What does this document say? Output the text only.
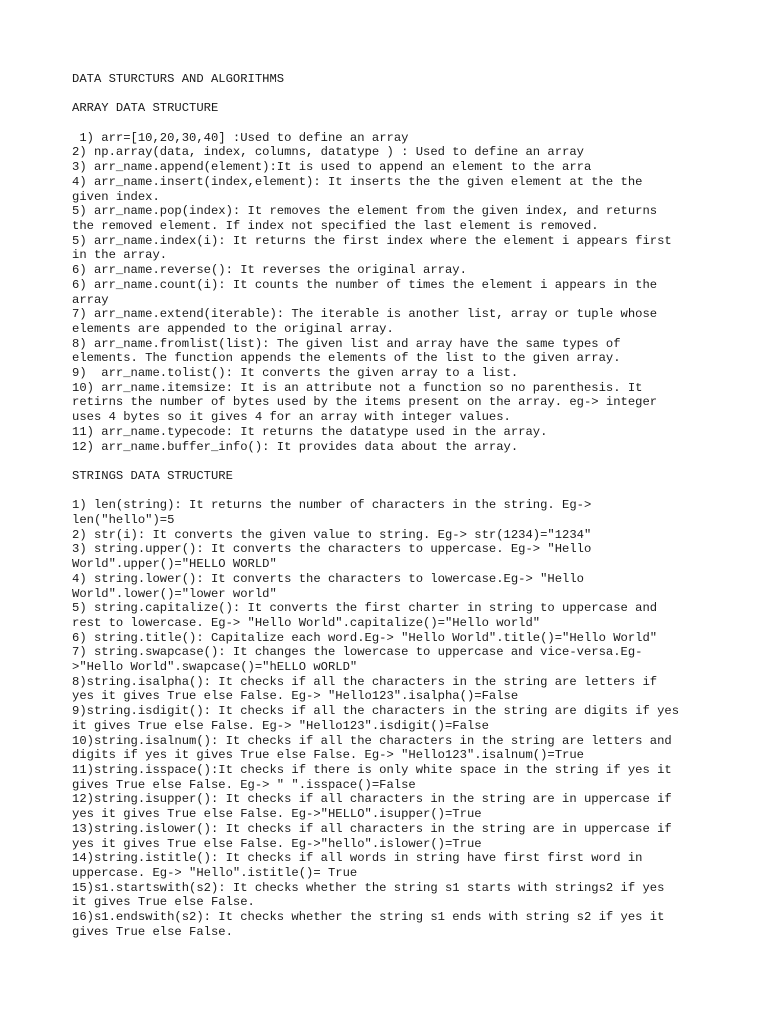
DATA STURCTURS AND ALGORITHMS
ARRAY DATA STRUCTURE
1) arr=[10,20,30,40] :Used to define an array
2) np.array(data, index, columns, datatype ) : Used to define an array
3) arr_name.append(element):It is used to append an element to the arra
4) arr_name.insert(index,element): It inserts the the given element at the the
given index.
5) arr_name.pop(index): It removes the element from the given index, and returns
the removed element. If index not specified the last element is removed.
5) arr_name.index(i): It returns the first index where the element i appears first
in the array.
6) arr_name.reverse(): It reverses the original array.
6) arr_name.count(i): It counts the number of times the element i appears in the
array
7) arr_name.extend(iterable): The iterable is another list, array or tuple whose
elements are appended to the original array.
8) arr_name.fromlist(list): The given list and array have the same types of
elements. The function appends the elements of the list to the given array.
9)  arr_name.tolist(): It converts the given array to a list.
10) arr_name.itemsize: It is an attribute not a function so no parenthesis. It
retirns the number of bytes used by the items present on the array. eg-> integer
uses 4 bytes so it gives 4 for an array with integer values.
11) arr_name.typecode: It returns the datatype used in the array.
12) arr_name.buffer_info(): It provides data about the array.
STRINGS DATA STRUCTURE
1) len(string): It returns the number of characters in the string. Eg->
len("hello")=5
2) str(i): It converts the given value to string. Eg-> str(1234)="1234"
3) string.upper(): It converts the characters to uppercase. Eg-> "Hello
World".upper()="HELLO WORLD"
4) string.lower(): It converts the characters to lowercase.Eg-> "Hello
World".lower()="lower world"
5) string.capitalize(): It converts the first charter in string to uppercase and
rest to lowercase. Eg-> "Hello World".capitalize()="Hello world"
6) string.title(): Capitalize each word.Eg-> "Hello World".title()="Hello World"
7) string.swapcase(): It changes the lowercase to uppercase and vice-versa.Eg-
>"Hello World".swapcase()="hELLO wORLD"
8)string.isalpha(): It checks if all the characters in the string are letters if
yes it gives True else False. Eg-> "Hello123".isalpha()=False
9)string.isdigit(): It checks if all the characters in the string are digits if yes
it gives True else False. Eg-> "Hello123".isdigit()=False
10)string.isalnum(): It checks if all the characters in the string are letters and
digits if yes it gives True else False. Eg-> "Hello123".isalnum()=True
11)string.isspace():It checks if there is only white space in the string if yes it
gives True else False. Eg-> " ".isspace()=False
12)string.isupper(): It checks if all characters in the string are in uppercase if
yes it gives True else False. Eg->"HELLO".isupper()=True
13)string.islower(): It checks if all characters in the string are in uppercase if
yes it gives True else False. Eg->"hello".islower()=True
14)string.istitle(): It checks if all words in string have first first word in
uppercase. Eg-> "Hello".istitle()= True
15)s1.startswith(s2): It checks whether the string s1 starts with strings2 if yes
it gives True else False.
16)s1.endswith(s2): It checks whether the string s1 ends with string s2 if yes it
gives True else False.
